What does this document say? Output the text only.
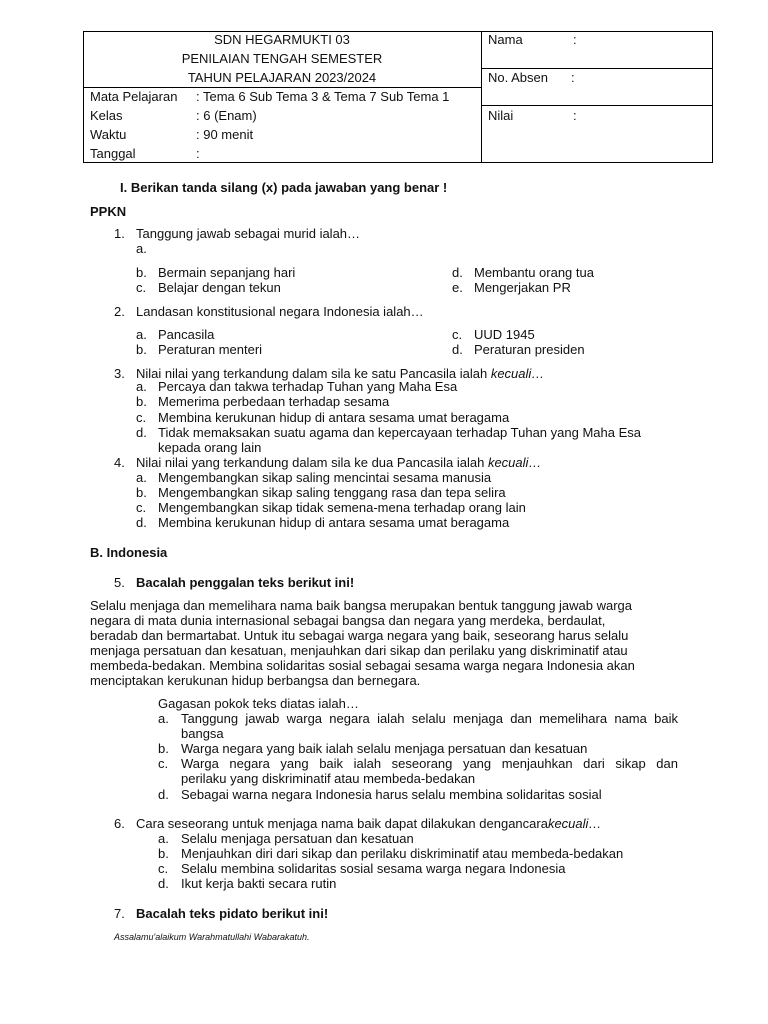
SDN HEGARMUKTI 03
PENILAIAN TENGAH SEMESTER
TAHUN PELAJARAN 2023/2024
Mata Pelajaran : Tema 6 Sub Tema 3 & Tema 7 Sub Tema 1
Kelas	: 6 (Enam)
Waktu	: 90 menit
Tanggal	:
Nama	:
No. Absen :
Nilai	:
I. Berikan tanda silang (x) pada jawaban yang benar !
PPKN
1. Tanggung jawab sebagai murid ialah…
a.
b. Bermain sepanjang hari
c. Belajar dengan tekun
d. Membantu orang tua
e. Mengerjakan PR
2. Landasan konstitusional negara Indonesia ialah…
a. Pancasila
b. Peraturan menteri
c. UUD 1945
d. Peraturan presiden
3. Nilai nilai yang terkandung dalam sila ke satu Pancasila ialah kecuali…
a. Percaya dan takwa terhadap Tuhan yang Maha Esa
b. Memerima perbedaan terhadap sesama
c. Membina kerukunan hidup di antara sesama umat beragama
d. Tidak memaksakan suatu agama dan kepercayaan terhadap Tuhan yang Maha Esa
kepada orang lain
4. Nilai nilai yang terkandung dalam sila ke dua Pancasila ialah kecuali…
a. Mengembangkan sikap saling mencintai sesama manusia
b. Mengembangkan sikap saling tenggang rasa dan tepa selira
c. Mengembangkan sikap tidak semena-mena terhadap orang lain
d. Membina kerukunan hidup di antara sesama umat beragama
B. Indonesia
5. Bacalah penggalan teks berikut ini!
Selalu menjaga dan memelihara nama baik bangsa merupakan bentuk tanggung jawab warga
negara di mata dunia internasional sebagai bangsa dan negara yang merdeka, berdaulat,
beradab dan bermartabat. Untuk itu sebagai warga negara yang baik, seseorang harus selalu
menjaga persatuan dan kesatuan, menjauhkan dari sikap dan perilaku yang diskriminatif atau
membeda-bedakan. Membina solidaritas sosial sebagai sesama warga negara Indonesia akan
menciptakan kerukunan hidup berbangsa dan bernegara.
Gagasan pokok teks diatas ialah…
a. Tanggung jawab warga negara ialah selalu menjaga dan memelihara nama baik
bangsa
b. Warga negara yang baik ialah selalu menjaga persatuan dan kesatuan
c. Warga negara yang baik ialah seseorang yang menjauhkan dari sikap dan
perilaku yang diskriminatif atau membeda-bedakan
d. Sebagai warna negara Indonesia harus selalu membina solidaritas sosial
6. Cara seseorang untuk menjaga nama baik dapat dilakukan dengancarakecuali…
a. Selalu menjaga persatuan dan kesatuan
b. Menjauhkan diri dari sikap dan perilaku diskriminatif atau membeda-bedakan
c. Selalu membina solidaritas sosial sesama warga negara Indonesia
d. Ikut kerja bakti secara rutin
7. Bacalah teks pidato berikut ini!
Assalamu'alaikum Warahmatullahi Wabarakatuh.
